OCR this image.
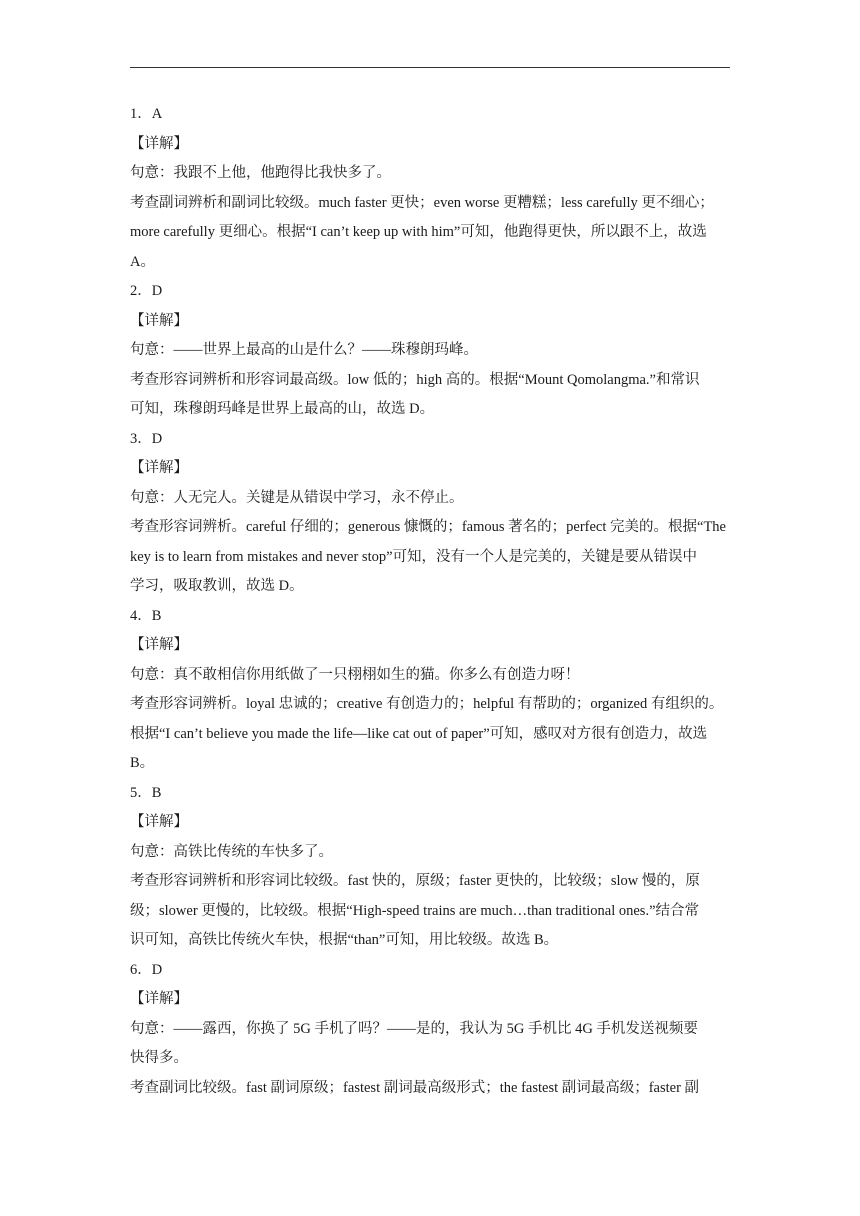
1．A

【详解】

句意：我跟不上他，他跑得比我快多了。

考查副词辨析和副词比较级。much faster 更快；even worse 更糟糕；less carefully 更不细心；

more carefully 更细心。根据“I can’t keep up with him”可知，他跑得更快，所以跟不上，故选

A。

2．D

【详解】

句意：——世界上最高的山是什么？——珠穆朗玛峰。

考查形容词辨析和形容词最高级。low 低的；high 高的。根据“Mount Qomolangma.”和常识

可知，珠穆朗玛峰是世界上最高的山，故选 D。

3．D

【详解】

句意：人无完人。关键是从错误中学习，永不停止。

考查形容词辨析。careful 仔细的；generous 慷慨的；famous 著名的；perfect 完美的。根据“The

key is to learn from mistakes and never stop”可知，没有一个人是完美的，关键是要从错误中

学习，吸取教训，故选 D。

4．B

【详解】

句意：真不敢相信你用纸做了一只栩栩如生的猫。你多么有创造力呀！

考查形容词辨析。loyal 忠诚的；creative 有创造力的；helpful 有帮助的；organized 有组织的。

根据“I can’t believe you made the life—like cat out of paper”可知，感叹对方很有创造力，故选

B。

5．B

【详解】

句意：高铁比传统的车快多了。

考查形容词辨析和形容词比较级。fast 快的，原级；faster 更快的，比较级；slow 慢的，原

级；slower 更慢的，比较级。根据“High-speed trains are much…than traditional ones.”结合常

识可知，高铁比传统火车快，根据“than”可知，用比较级。故选 B。

6．D

【详解】

句意：——露西，你换了 5G 手机了吗？——是的，我认为 5G 手机比 4G 手机发送视频要

快得多。

考查副词比较级。fast 副词原级；fastest 副词最高级形式；the fastest 副词最高级；faster 副
